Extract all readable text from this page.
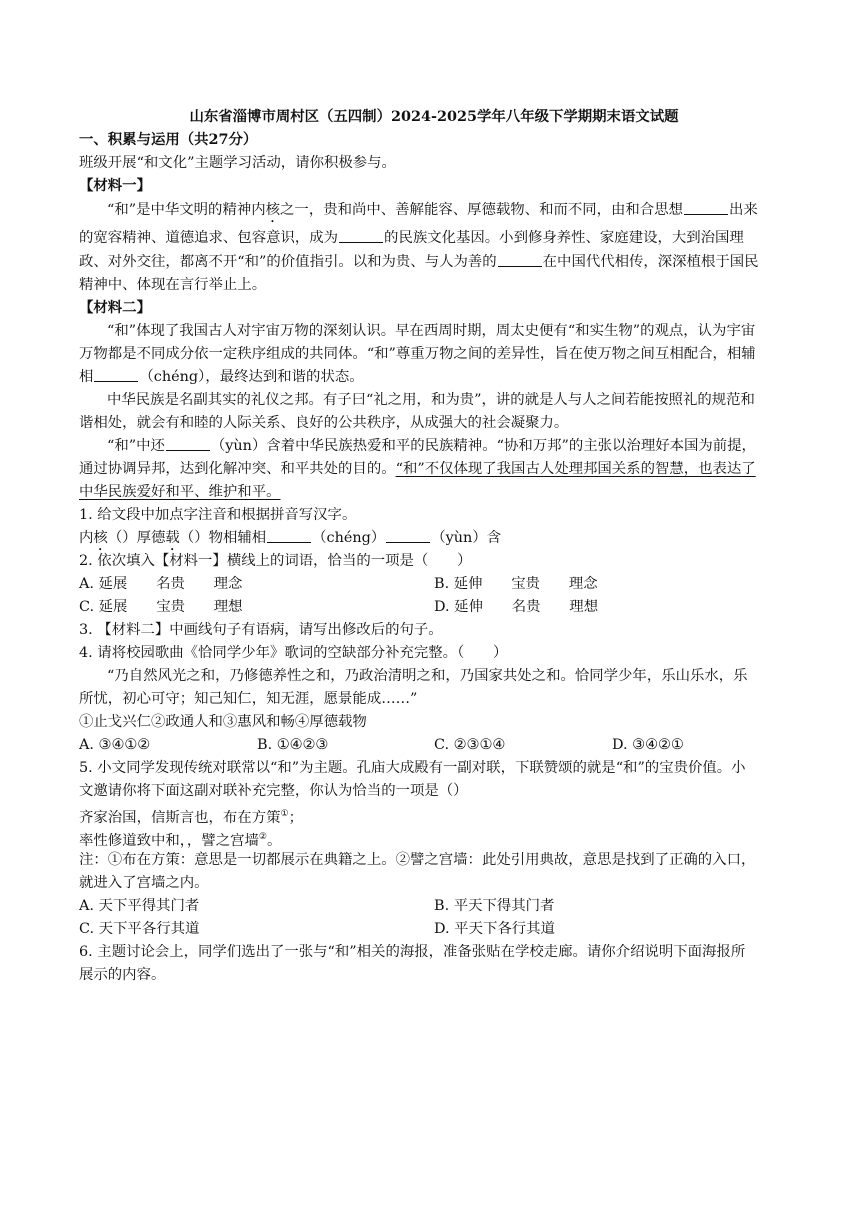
山东省淄博市周村区（五四制）2024-2025学年八年级下学期期末语文试题
一、积累与运用（共27分）
班级开展“和文化”主题学习活动，请你积极参与。
【材料一】
“和”是中华文明的精神内核之一，贵和尚中、善解能容、厚德载物、和而不同，由和合思想	出来
的宽容精神、道德追求、包容意识，成为	的民族文化基因。小到修身养性、家庭建设，大到治国理
政、对外交往，都离不开“和”的价值指引。以和为贵、与人为善的	在中国代代相传，深深植根于国民
精神中、体现在言行举止上。
【材料二】
“和”体现了我国古人对宇宙万物的深刻认识。早在西周时期，周太史便有“和实生物”的观点，认为宇宙
万物都是不同成分依一定秩序组成的共同体。“和”尊重万物之间的差异性，旨在使万物之间互相配合，相辅
相	（chéng），最终达到和谐的状态。
中华民族是名副其实的礼仪之邦。有子曰“礼之用，和为贵”，讲的就是人与人之间若能按照礼的规范和
谐相处，就会有和睦的人际关系、良好的公共秩序，从成强大的社会凝聚力。
“和”中还	（yùn）含着中华民族热爱和平的民族精神。“协和万邦”的主张以治理好本国为前提，
通过协调异邦，达到化解冲突、和平共处的目的。“和”不仅体现了我国古人处理邦国关系的智慧，也表达了
中华民族爱好和平、维护和平。
1. 给文段中加点字注音和根据拼音写汉字。
内核（）厚德载（）物相辅相	（chéng）	（yùn）含
2. 依次填入【材料一】横线上的词语，恰当的一项是（　　）
A. 延展　　名贵　　理念	B. 延伸　　宝贵　　理念
C. 延展　　宝贵　　理想	D. 延伸　　名贵　　理想
3. 【材料二】中画线句子有语病，请写出修改后的句子。
4. 请将校园歌曲《恰同学少年》歌词的空缺部分补充完整。（　　）
“乃自然风光之和，乃修德养性之和，乃政治清明之和，乃国家共处之和。恰同学少年，乐山乐水，乐
所忧，初心可守；知己知仁，知无涯，愿景能成……”
①止戈兴仁②政通人和③惠风和畅④厚德载物
A. ③④①②	B. ①④②③	C. ②③①④	D. ③④②①
5. 小文同学发现传统对联常以“和”为主题。孔庙大成殿有一副对联，下联赞颂的就是“和”的宝贵价值。小
文邀请你将下面这副对联补充完整，你认为恰当的一项是（）
齐家治国，信斯言也，布在方策①；
率性修道致中和，，譬之宫墙②。
注：①布在方策：意思是一切都展示在典籍之上。②譬之宫墙：此处引用典故，意思是找到了正确的入口，
就进入了宫墙之内。
A. 天下平得其门者	B. 平天下得其门者
C. 天下平各行其道	D. 平天下各行其道
6. 主题讨论会上，同学们选出了一张与“和”相关的海报，准备张贴在学校走廊。请你介绍说明下面海报所
展示的内容。
